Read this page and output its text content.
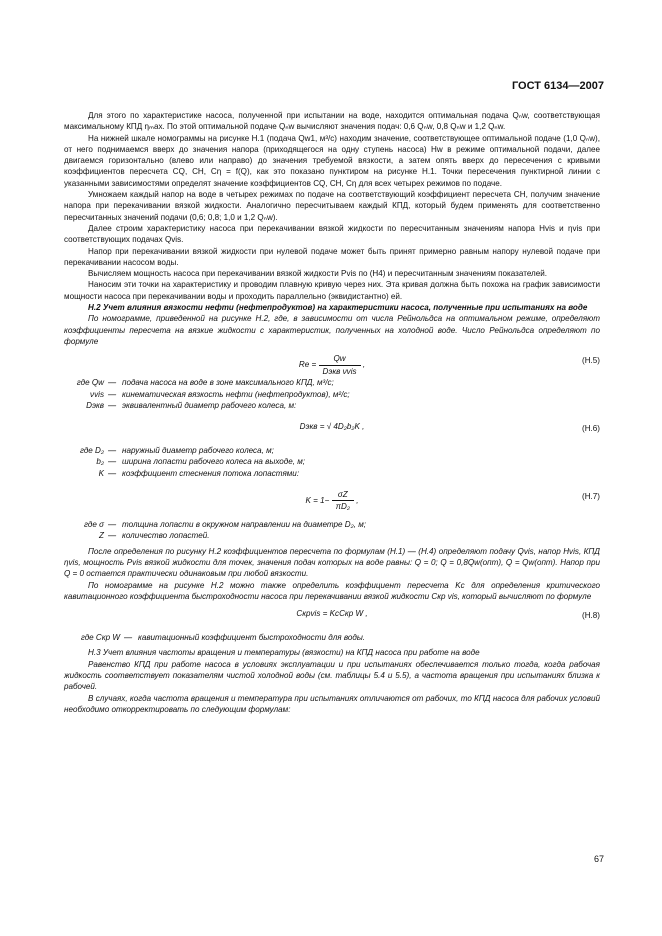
ГОСТ 6134—2007

Для этого по характеристике насоса, полученной при испытании на воде, находится оптимальная подача Qₙw, соответствующая максимальному КПД ηₘax. По этой оптимальной подаче Qₙw вычисляют значения подач: 0,6 Qₙw, 0,8 Qₙw и 1,2 Qₙw.

На нижней шкале номограммы на рисунке Н.1 (подача Qw1, м³/с) находим значение, соответствующее оптимальной подаче (1,0 Qₙw), от него поднимаемся вверх до значения напора (приходящегося на одну ступень насоса) Hw в режиме оптимальной подачи, далее двигаемся горизонтально (влево или направо) до значения требуемой вязкости, а затем опять вверх до пересечения с кривыми коэффициентов пересчета CQ, CH, Cη = f(Q), как это показано пунктиром на рисунке Н.1. Точки пересечения пунктирной линии с указанными зависимостями определят значение коэффициентов CQ, CH, Cη для всех четырех режимов по подаче.

Умножаем каждый напор на воде в четырех режимах по подаче на соответствующий коэффициент пересчета CH, получим значение напора при перекачивании вязкой жидкости. Аналогично пересчитываем каждый КПД, который будем применять для соответственно пересчитанных значений подачи (0,6; 0,8; 1,0 и 1,2 Qₙw).

Далее строим характеристику насоса при перекачивании вязкой жидкости по пересчитанным значениям напора Hvis и ηvis при соответствующих подачах Qvis.

Напор при перекачивании вязкой жидкости при нулевой подаче может быть принят примерно равным напору нулевой подаче при перекачивании насосом воды.

Вычисляем мощность насоса при перекачивании вязкой жидкости Pvis по (Н4) и пересчитанным значениям показателей.

Наносим эти точки на характеристику и проводим плавную кривую через них. Эта кривая должна быть похожа на график зависимости мощности насоса при перекачивании воды и проходить параллельно (эквидистантно) ей.

Н.2 Учет влияния вязкости нефти (нефтепродуктов) на характеристики насоса, полученные при испытаниях на воде

По номограмме, приведенной на рисунке Н.2, где, в зависимости от числа Рейнольдса на оптимальном режиме, определяют коэффициенты пересчета на вязкие жидкости с характеристик, полученных на холодной воде. Число Рейнольдса определяют по формуле

$Re = \frac{Qw}{\text{Dэкв νvis}}$ ,	(Н.5)
где Qw — подача насоса на воде в зоне максимального КПД, м³/с;
νvis — кинематическая вязкость нефти (нефтепродуктов), м²/с;
Dэкв — эквивалентный диаметр рабочего колеса, м:
Dэкв = √ 4D₂b₂K ,	(Н.6)
где D₂ — наружный диаметр рабочего колеса, м;
b₂ — ширина лопасти рабочего колеса на выходе, м;
K — коэффициент стеснения потока лопастями:
$K = 1- \frac{\sigma Z}{\text{πD₂}}$ ,	(Н.7)
где σ — толщина лопасти в окружном направлении на диаметре D₂, м;
Z — количество лопастей.

После определения по рисунку Н.2 коэффициентов пересчета по формулам (Н.1) — (Н.4) определяют подачу Qvis, напор Hvis, КПД ηvis, мощность Pvis вязкой жидкости для точек, значения подач которых на воде равны: Q = 0; Q = 0,8Qw(опт), Q = Qw(опт). Напор при Q = 0 остается практически одинаковым при любой вязкости.

По номограмме на рисунке Н.2 можно также определить коэффициент пересчета Kc для определения критического кавитационного коэффициента быстроходности насоса при перекачивании вязкой жидкости Cкр vis, который вычисляют по формуле

Cкрvis = KcCкр W ,	(Н.8)
где Cкр W — кавитационный коэффициент быстроходности для воды.

Н.3 Учет влияния частоты вращения и температуры (вязкости) на КПД насоса при работе на воде

Равенство КПД при работе насоса в условиях эксплуатации и при испытаниях обеспечивается только тогда, когда рабочая жидкость соответствует показателям чистой холодной воды (см. таблицы 5.4 и 5.5), а частота вращения при испытаниях близка к рабочей.

В случаях, когда частота вращения и температура при испытаниях отличаются от рабочих, то КПД насоса для рабочих условий необходимо откорректировать по следующим формулам:

67
